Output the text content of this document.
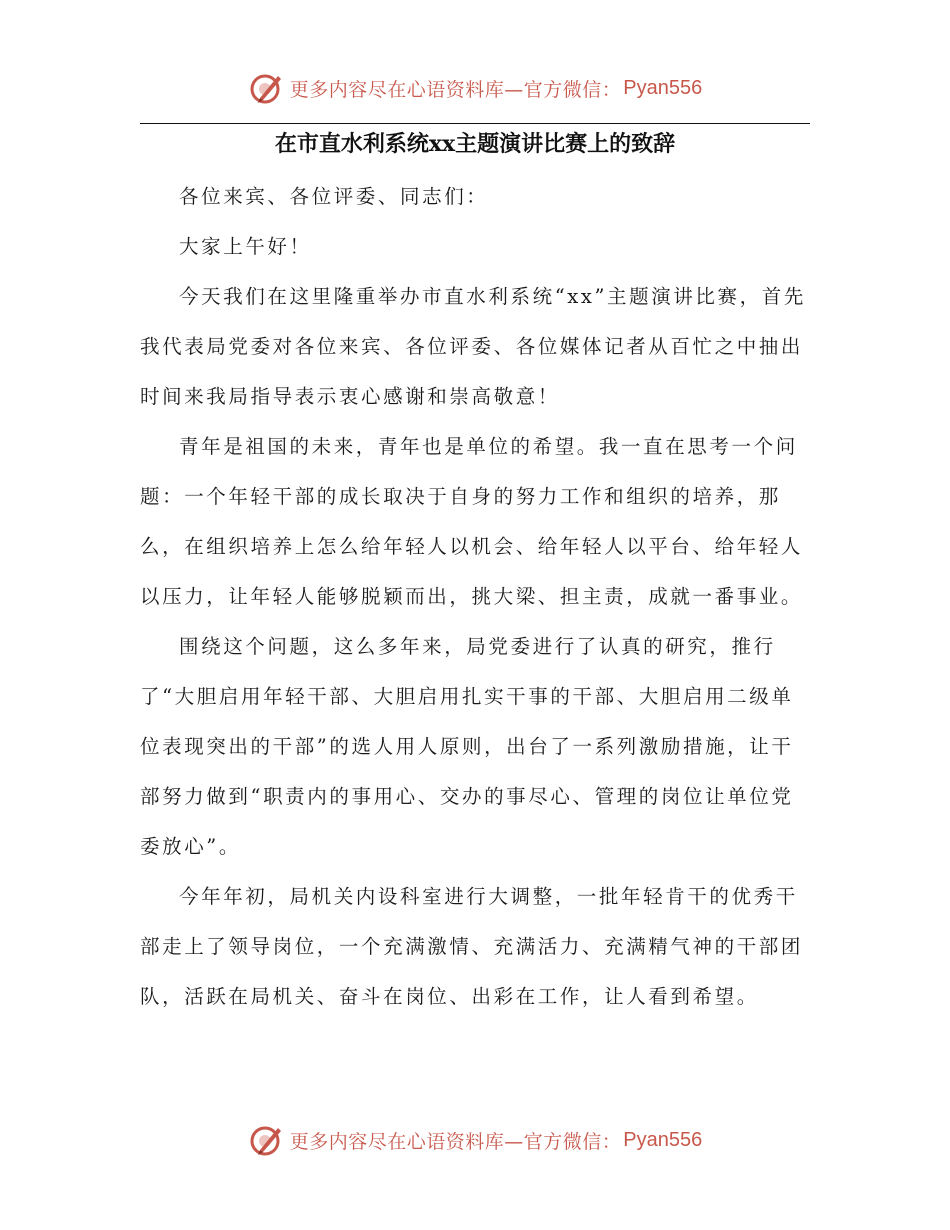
更多内容尽在心语资料库—官方微信： Pyan556
在市直水利系统xx主题演讲比赛上的致辞

各位来宾、各位评委、同志们：

大家上午好！

今天我们在这里隆重举办市直水利系统“xx”主题演讲比赛，首先我代表局党委对各位来宾、各位评委、各位媒体记者从百忙之中抽出时间来我局指导表示衷心感谢和崇高敬意！

青年是祖国的未来，青年也是单位的希望。我一直在思考一个问题：一个年轻干部的成长取决于自身的努力工作和组织的培养，那么，在组织培养上怎么给年轻人以机会、给年轻人以平台、给年轻人以压力，让年轻人能够脱颖而出，挑大梁、担主责，成就一番事业。

围绕这个问题，这么多年来，局党委进行了认真的研究，推行了“大胆启用年轻干部、大胆启用扎实干事的干部、大胆启用二级单位表现突出的干部”的选人用人原则，出台了一系列激励措施，让干部努力做到“职责内的事用心、交办的事尽心、管理的岗位让单位党委放心”。

今年年初，局机关内设科室进行大调整，一批年轻肯干的优秀干部走上了领导岗位，一个充满激情、充满活力、充满精气神的干部团队，活跃在局机关、奋斗在岗位、出彩在工作，让人看到希望。

更多内容尽在心语资料库—官方微信： Pyan556
